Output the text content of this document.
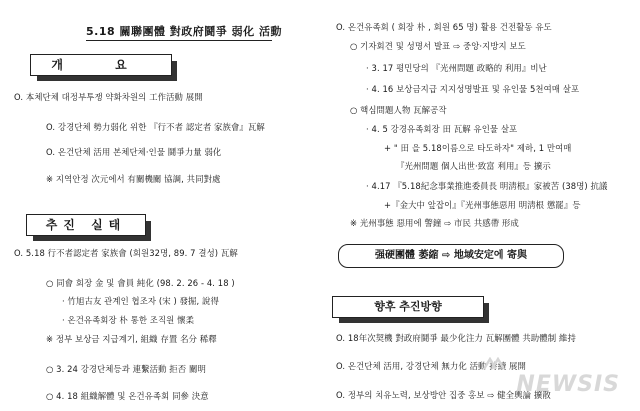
5.18 關聯團體 對政府鬪爭 弱化 活動
개 요
O. 本체단체 대정부투쟁 약화차원의 工作活動 展開
O. 강경단체 勢力弱化 위한 『行不者 認定者 家族會』瓦解
O. 온건단체 活用 본체단체·인물 鬪爭力量 弱化
※ 지역안정 次元에서 有關機關 協調, 共同對處
추진 실태
O. 5.18 行不者認定者 家族會 (회원32명, 89. 7 결성) 瓦解
○ 同會 회장 金 및 會員 純化 (98. 2. 26 - 4. 18 )
· 竹旭古友 관계인 협조자 (宋 ) 發掘, 說得
· 온건유족회장 朴 통한 조직원 懷柔
※ 정부 보상금 지급계기, 組織 存置 名分 稀釋
○ 3. 24 강경단체등과 連繫活動 拒否 關明
○ 4. 18 組織解體 및 온건유족회 同參 決意
O. 온건유족회 ( 회장 朴 , 회원 65 명) 활용 건전활동 유도
○ 기자회견 및 성명서 발표 ⇨ 중앙·지방지 보도
· 3. 17 평민당의 『光州問題 政略的 利用』비난
· 4. 16 보상금지급 지지성명발표 및 유인물 5천여매 살포
○ 핵심問題人物 瓦解공작
· 4. 5 강경유족회장 田 瓦解 유인물 살포
+ " 田 을 5.18이름으로 타도하자" 제하, 1 만여매
『光州問題 個人出世·致富 利用』등 擴示
· 4.17 『5.18紀念事業推進委員長 明淸根』家被苦 (38명) 抗議
+『金大中 앞잡이』『光州事態惡用 明淸根 懲罷』등
※ 光州事態 惡用에 警鐘 ⇨ 市民 共感帶 形成
强硬團體 萎縮 ⇨ 地域安定에 寄與
향후 추진방향
O. 18年次契機 對政府鬪爭 最少化注力 瓦解團體 共助體制 維持
O. 온건단체 活用, 강경단체 無力化 活動 持續 展開
O. 정부의 치유노력, 보상방안 집중 홍보 ⇨ 健全輿論 擴散
NEWSIS
